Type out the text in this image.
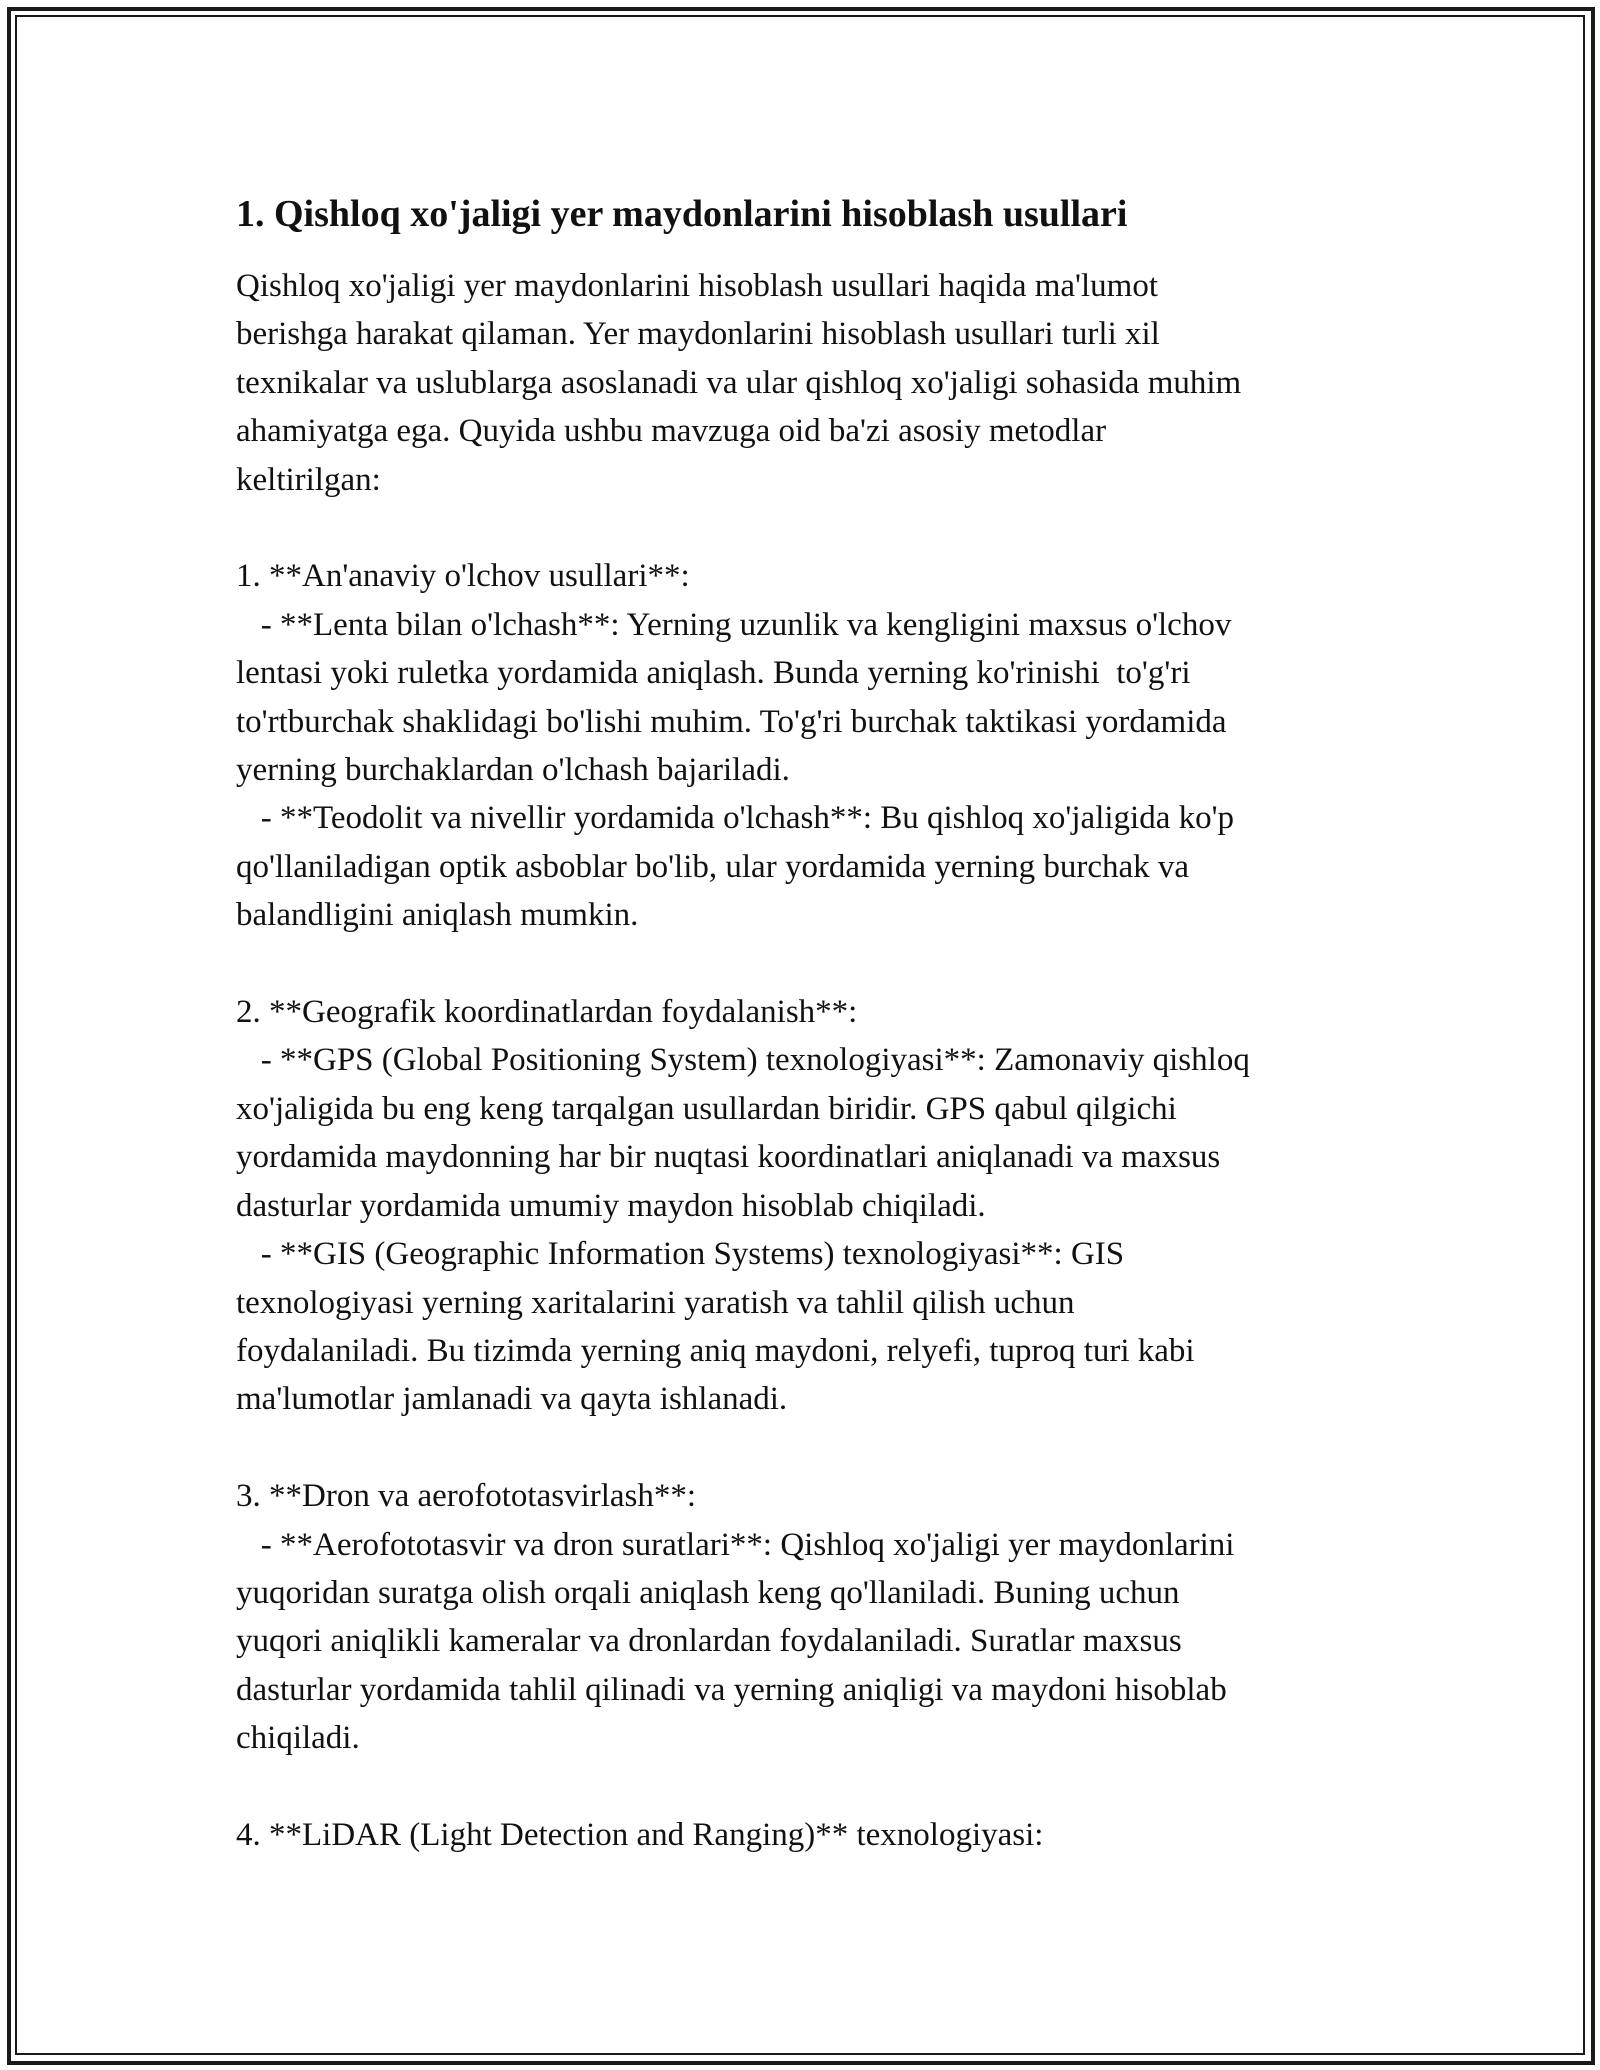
1. Qishloq xo'jaligi yer maydonlarini hisoblash usullari

Qishloq xo'jaligi yer maydonlarini hisoblash usullari haqida ma'lumot

berishga harakat qilaman. Yer maydonlarini hisoblash usullari turli xil

texnikalar va uslublarga asoslanadi va ular qishloq xo'jaligi sohasida muhim

ahamiyatga ega. Quyida ushbu mavzuga oid ba'zi asosiy metodlar

keltirilgan:

1. **An'anaviy o'lchov usullari**:

- **Lenta bilan o'lchash**: Yerning uzunlik va kengligini maxsus o'lchov

lentasi yoki ruletka yordamida aniqlash. Bunda yerning ko'rinishi  to'g'ri

to'rtburchak shaklidagi bo'lishi muhim. To'g'ri burchak taktikasi yordamida

yerning burchaklardan o'lchash bajariladi.

- **Teodolit va nivellir yordamida o'lchash**: Bu qishloq xo'jaligida ko'p

qo'llaniladigan optik asboblar bo'lib, ular yordamida yerning burchak va

balandligini aniqlash mumkin.

2. **Geografik koordinatlardan foydalanish**:

- **GPS (Global Positioning System) texnologiyasi**: Zamonaviy qishloq

xo'jaligida bu eng keng tarqalgan usullardan biridir. GPS qabul qilgichi

yordamida maydonning har bir nuqtasi koordinatlari aniqlanadi va maxsus

dasturlar yordamida umumiy maydon hisoblab chiqiladi.

- **GIS (Geographic Information Systems) texnologiyasi**: GIS

texnologiyasi yerning xaritalarini yaratish va tahlil qilish uchun

foydalaniladi. Bu tizimda yerning aniq maydoni, relyefi, tuproq turi kabi

ma'lumotlar jamlanadi va qayta ishlanadi.

3. **Dron va aerofototasvirlash**:

- **Aerofototasvir va dron suratlari**: Qishloq xo'jaligi yer maydonlarini

yuqoridan suratga olish orqali aniqlash keng qo'llaniladi. Buning uchun

yuqori aniqlikli kameralar va dronlardan foydalaniladi. Suratlar maxsus

dasturlar yordamida tahlil qilinadi va yerning aniqligi va maydoni hisoblab

chiqiladi.

4. **LiDAR (Light Detection and Ranging)** texnologiyasi:
